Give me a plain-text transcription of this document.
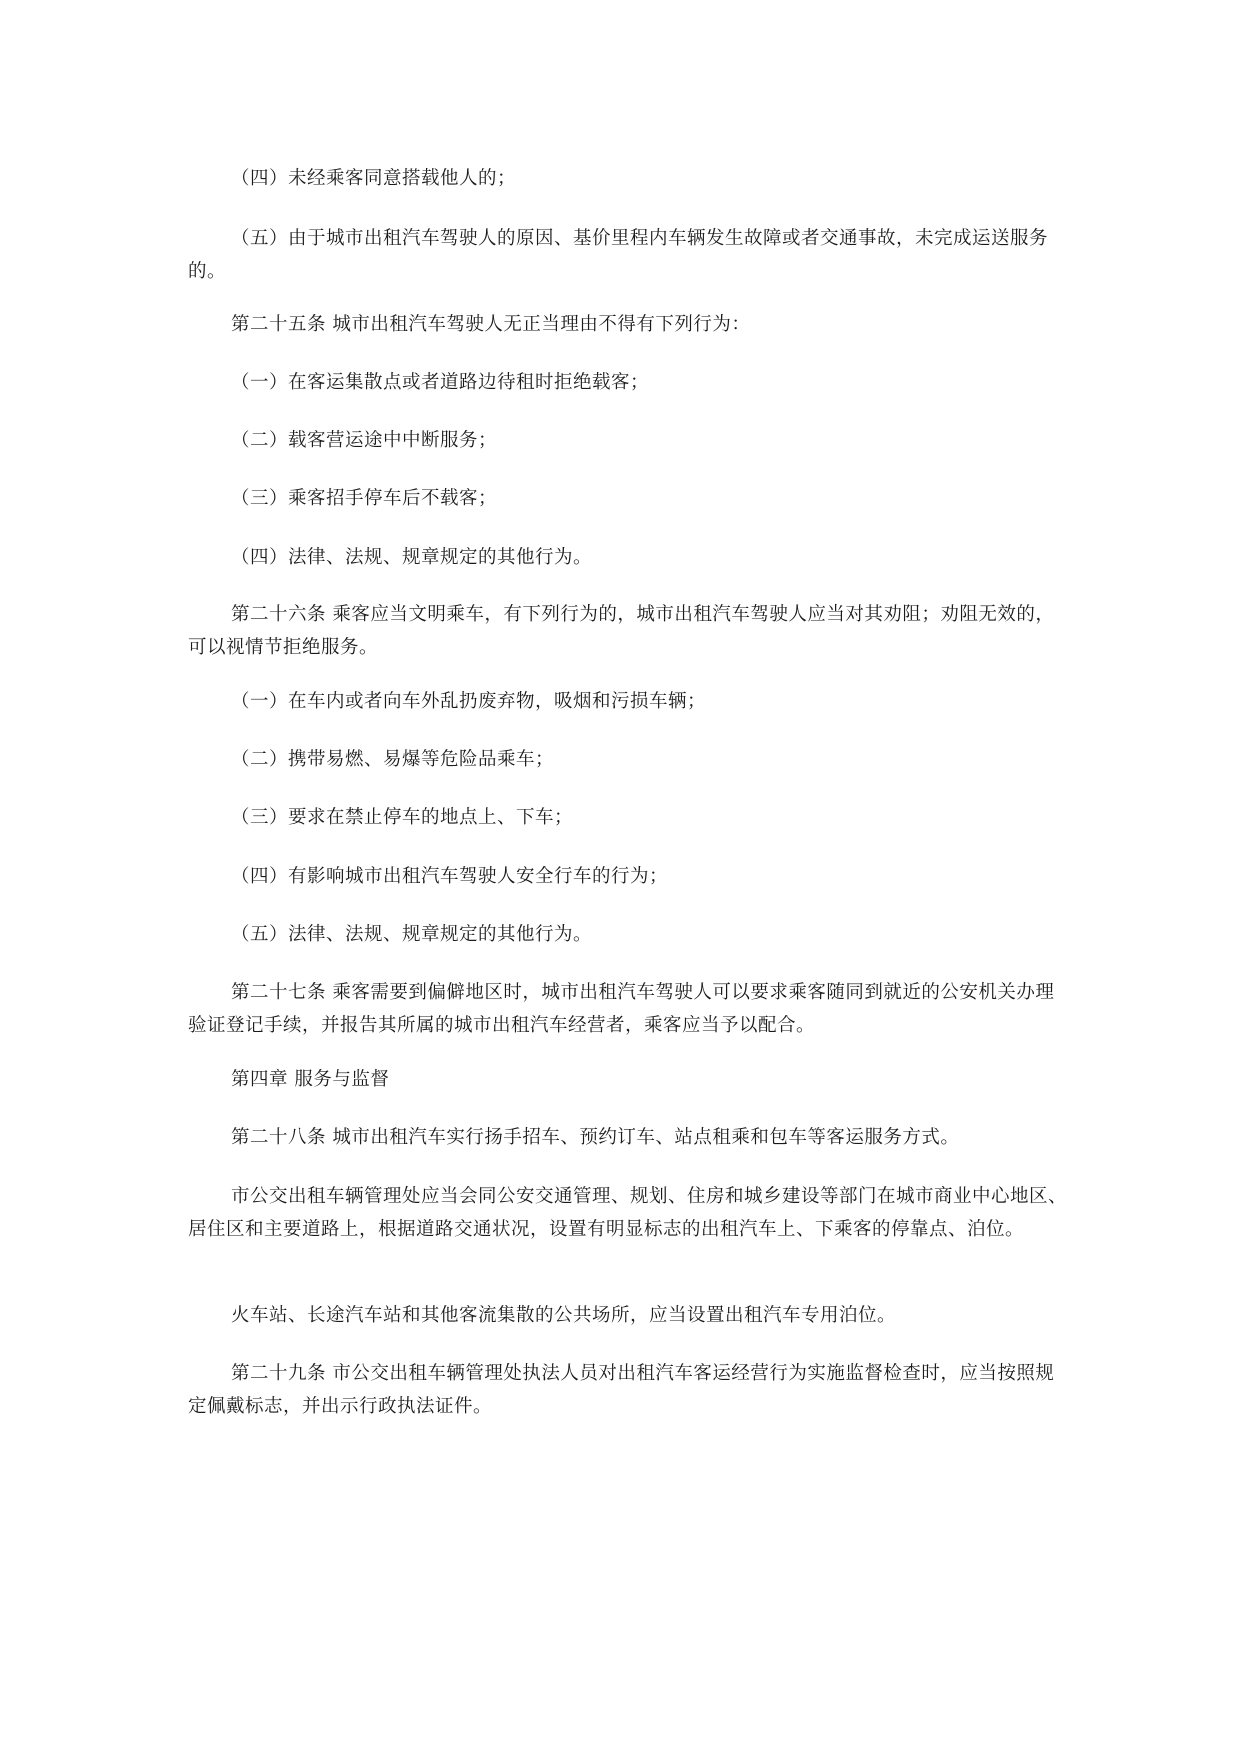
（四）未经乘客同意搭载他人的；

（五）由于城市出租汽车驾驶人的原因、基价里程内车辆发生故障或者交通事故，未完成运送服务的。

第二十五条 城市出租汽车驾驶人无正当理由不得有下列行为：

（一）在客运集散点或者道路边待租时拒绝载客；

（二）载客营运途中中断服务；

（三）乘客招手停车后不载客；

（四）法律、法规、规章规定的其他行为。

第二十六条 乘客应当文明乘车，有下列行为的，城市出租汽车驾驶人应当对其劝阻；劝阻无效的，可以视情节拒绝服务。

（一）在车内或者向车外乱扔废弃物，吸烟和污损车辆；

（二）携带易燃、易爆等危险品乘车；

（三）要求在禁止停车的地点上、下车；

（四）有影响城市出租汽车驾驶人安全行车的行为；

（五）法律、法规、规章规定的其他行为。

第二十七条 乘客需要到偏僻地区时，城市出租汽车驾驶人可以要求乘客随同到就近的公安机关办理验证登记手续，并报告其所属的城市出租汽车经营者，乘客应当予以配合。

第四章 服务与监督

第二十八条 城市出租汽车实行扬手招车、预约订车、站点租乘和包车等客运服务方式。

市公交出租车辆管理处应当会同公安交通管理、规划、住房和城乡建设等部门在城市商业中心地区、居住区和主要道路上，根据道路交通状况，设置有明显标志的出租汽车上、下乘客的停靠点、泊位。

火车站、长途汽车站和其他客流集散的公共场所，应当设置出租汽车专用泊位。

第二十九条 市公交出租车辆管理处执法人员对出租汽车客运经营行为实施监督检查时，应当按照规定佩戴标志，并出示行政执法证件。
